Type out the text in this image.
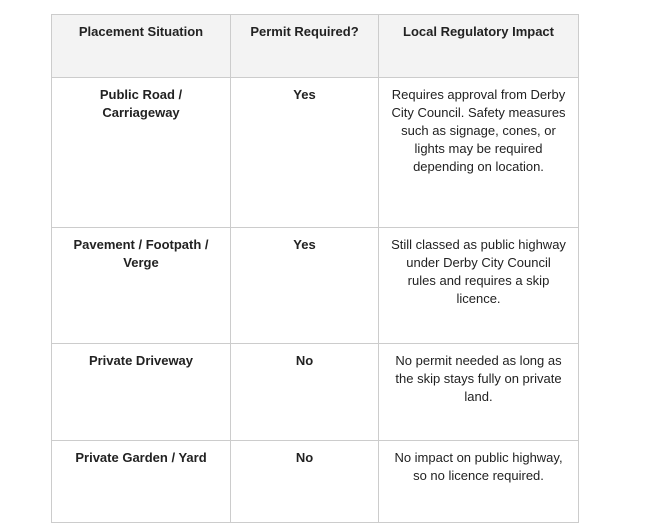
Placement Situation	Permit Required?	Local Regulatory Impact

Public Road / Carriageway	Yes	Requires approval from Derby City Council. Safety measures such as signage, cones, or lights may be required depending on location.

Pavement / Footpath / Verge	Yes	Still classed as public highway under Derby City Council rules and requires a skip licence.

Private Driveway	No	No permit needed as long as the skip stays fully on private land.

Private Garden / Yard	No	No impact on public highway, so no licence required.
